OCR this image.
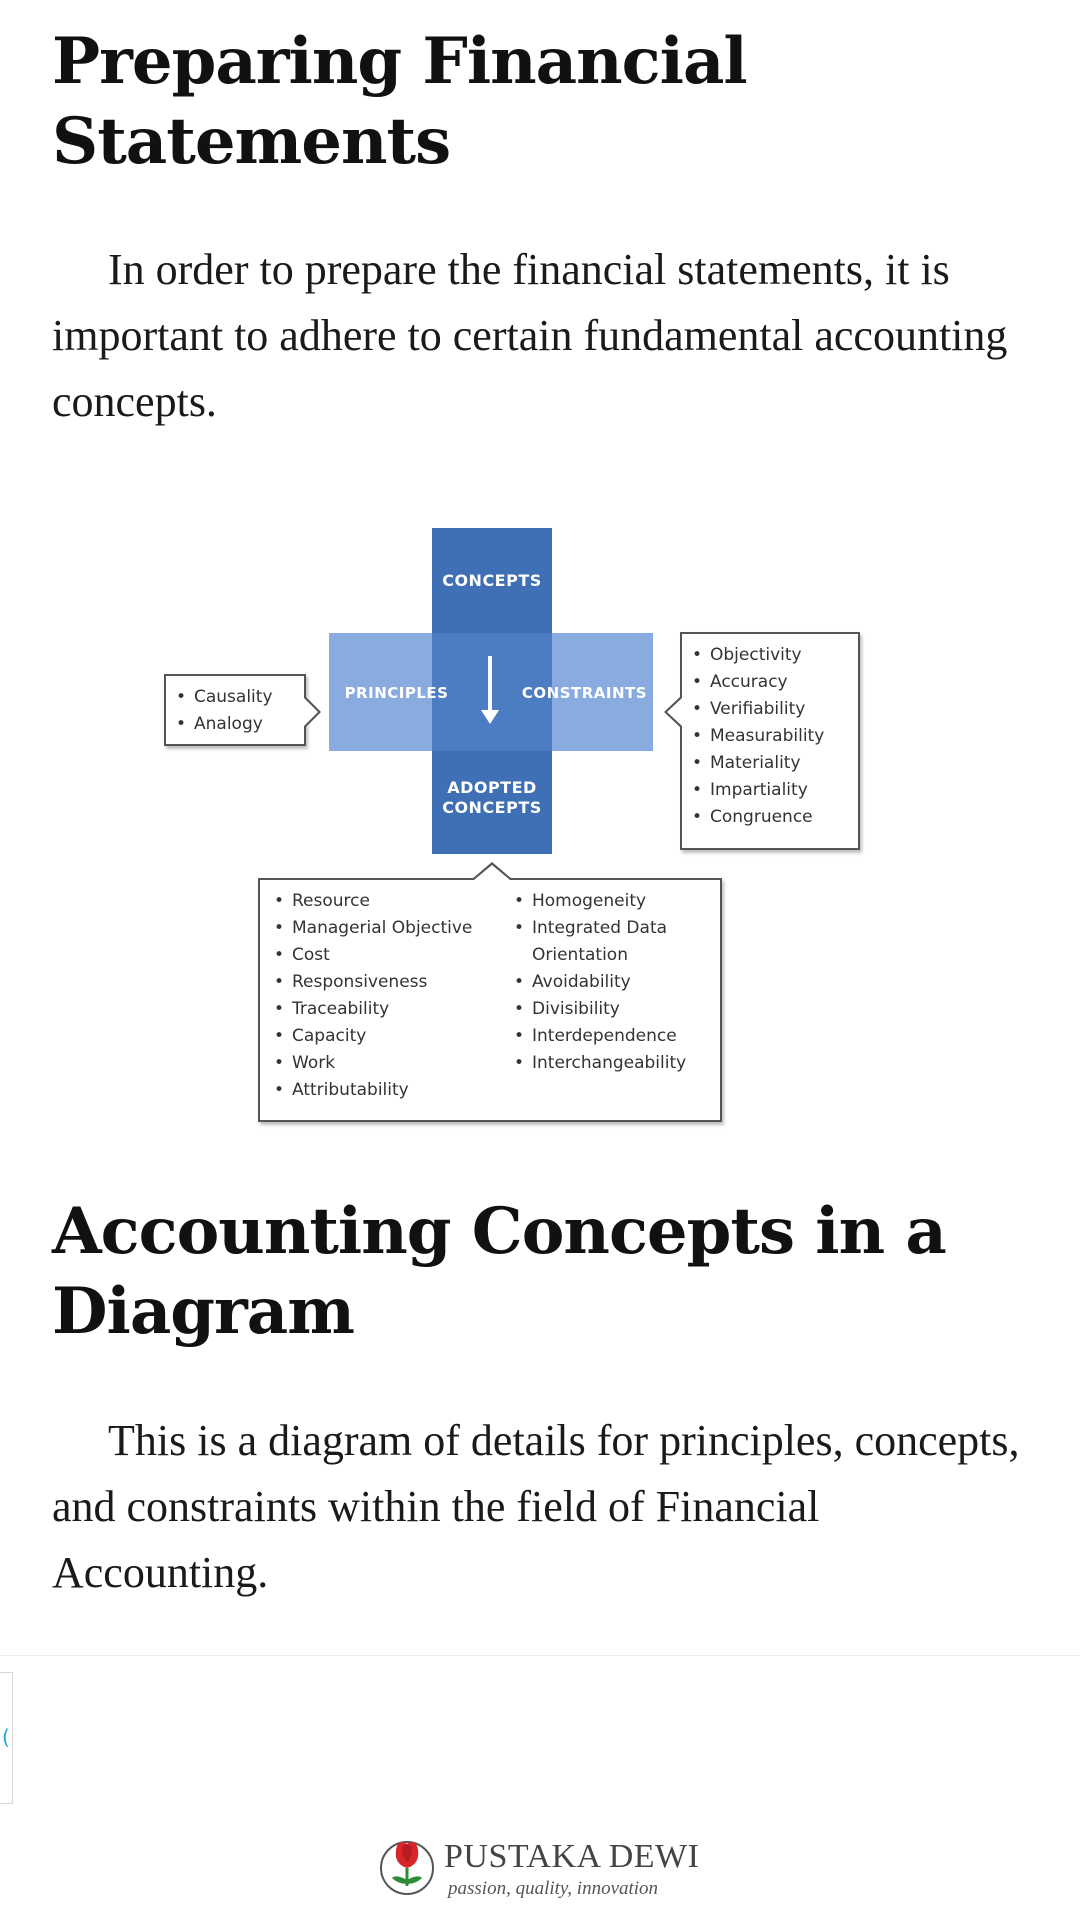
Preparing Financial Statements

In order to prepare the financial statements, it is important to adhere to certain fundamental accounting concepts.

Accounting Concepts in a Diagram

This is a diagram of details for principles, concepts, and constraints within the field of Financial Accounting.

CONCEPTS
PRINCIPLES	CONSTRAINTS
ADOPTED
CONCEPTS
• Causality
• Analogy
• Objectivity
• Accuracy
• Verifiability
• Measurability
• Materiality
• Impartiality
• Congruence
• Resource
• Managerial Objective
• Cost
• Responsiveness
• Traceability
• Capacity
• Work
• Attributability
• Homogeneity
• Integrated Data
Orientation
• Avoidability
• Divisibility
• Interdependence
• Interchangeability
(
PUSTAKA DEWI
passion, quality, innovation
